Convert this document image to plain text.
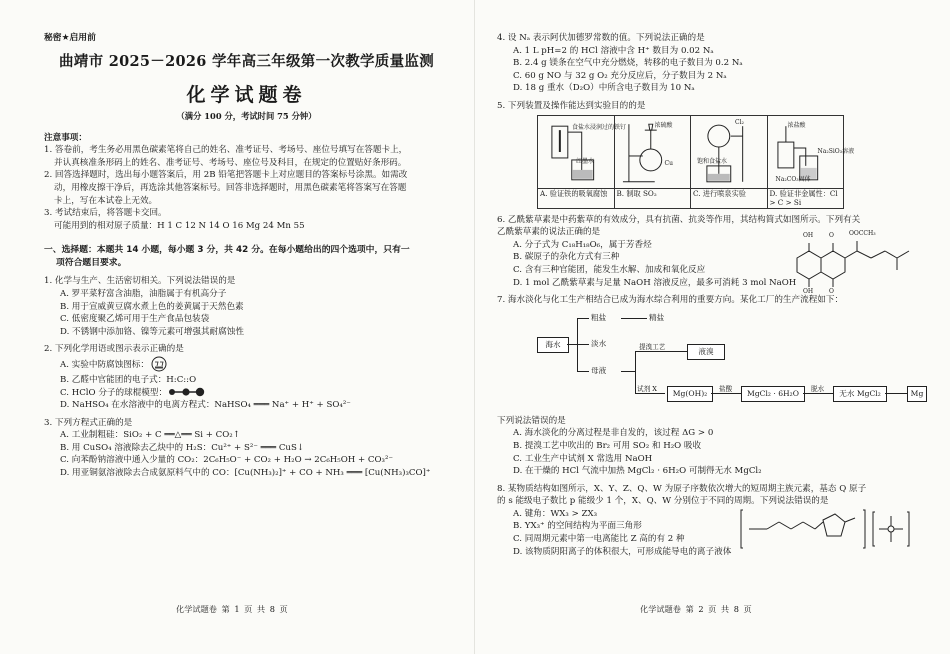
秘密★启用前

曲靖市 2025－2026 学年高三年级第一次教学质量监测

化学试题卷

（满分 100 分，考试时间 75 分钟）

注意事项：

1. 答卷前，考生务必用黑色碳素笔将自己的姓名、准考证号、考场号、座位号填写在答题卡上，

并认真核准条形码上的姓名、准考证号、考场号、座位号及科目，在规定的位置贴好条形码。

2. 回答选择题时，选出每小题答案后，用 2B 铅笔把答题卡上对应题目的答案标号涂黑。如需改

动，用橡皮擦干净后，再选涂其他答案标号。回答非选择题时，用黑色碳素笔将答案写在答题

卡上，写在本试卷上无效。

3. 考试结束后，将答题卡交回。

可能用到的相对原子质量：H 1 C 12 N 14 O 16 Mg 24 Mn 55

一、选择题：本题共 14 小题，每小题 3 分，共 42 分。在每小题给出的四个选项中，只有一

项符合题目要求。

1. 化学与生产、生活密切相关。下列说法错误的是

A. 罗平菜籽富含油脂，油脂属于有机高分子

B. 用于宣威黄豆腐水煮上色的姜黄属于天然色素

C. 低密度聚乙烯可用于生产食品包装袋

D. 不锈钢中添加铬、镍等元素可增强其耐腐蚀性

2. 下列化学用语或图示表示正确的是

A. 实验中防腐蚀图标：

B. 乙醛中官能团的电子式：H:C::O

C. HClO 分子的球棍模型：

D. NaHSO₄ 在水溶液中的电离方程式：NaHSO₄ ═══ Na⁺ + H⁺ + SO₄²⁻

3. 下列方程式正确的是

A. 工业制粗硅：SiO₂ + C ══△══ Si + CO₂↑

B. 用 CuSO₄ 溶液除去乙炔中的 H₂S：Cu²⁺ + S²⁻ ═══ CuS↓

C. 向苯酚钠溶液中通入少量的 CO₂：2C₆H₅O⁻ + CO₂ + H₂O → 2C₆H₅OH + CO₃²⁻

D. 用亚铜氨溶液除去合成氨原料气中的 CO：[Cu(NH₃)₂]⁺ + CO + NH₃ ═══ [Cu(NH₃)₃CO]⁺

化学试题卷 第 1 页 共 8 页

4. 设 Nₐ 表示阿伏加德罗常数的值。下列说法正确的是

A. 1 L pH=2 的 HCl 溶液中含 H⁺ 数目为 0.02 Nₐ

B. 2.4 g 镁条在空气中充分燃烧，转移的电子数目为 0.2 Nₐ

C. 60 g NO 与 32 g O₂ 充分反应后，分子数目为 2 Nₐ

D. 18 g 重水（D₂O）中所含电子数目为 10 Nₐ

5. 下列装置及操作能达到实验目的的是

食盐水浸润过的铁钉
红墨水
A. 验证铁的吸氧腐蚀
浓硫酸
Cu
B. 制取 SO₂
Cl₂
饱和食盐水
C. 进行喷泉实验
浓盐酸
Na₂SiO₃溶液
Na₂CO₃固体
D. 验证非金属性：Cl > C > Si

6. 乙酰紫草素是中药紫草的有效成分，具有抗菌、抗炎等作用，其结构简式如图所示。下列有关

乙酰紫草素的说法正确的是

A. 分子式为 C₁₈H₁₈O₆，属于芳香烃

B. 碳原子的杂化方式有三种

C. 含有三种官能团，能发生水解、加成和氧化反应

D. 1 mol 乙酰紫草素与足量 NaOH 溶液反应，最多可消耗 3 mol NaOH

OH
OH
O
O
OOCCH₃

7. 海水淡化与化工生产相结合已成为海水综合利用的重要方向。某化工厂的生产流程如下：

海水
粗盐	精盐
淡水
母液
提溴工艺	液溴
试剂 X	Mg(OH)₂	盐酸	MgCl₂ · 6H₂O	脱水	无水 MgCl₂	Mg

下列说法错误的是

A. 海水淡化的分离过程是非自发的，该过程 ΔG > 0

B. 提溴工艺中吹出的 Br₂ 可用 SO₂ 和 H₂O 吸收

C. 工业生产中试剂 X 常选用 NaOH

D. 在干燥的 HCl 气流中加热 MgCl₂ · 6H₂O 可制得无水 MgCl₂

8. 某物质结构如图所示，X、Y、Z、Q、W 为原子序数依次增大的短周期主族元素，基态 Q 原子

的 s 能级电子数比 p 能级少 1 个，X、Q、W 分别位于不同的周期。下列说法错误的是

A. 键角：WX₃ > ZX₃

B. YX₃⁺ 的空间结构为平面三角形

C. 同周期元素中第一电离能比 Z 高的有 2 种

D. 该物质阴阳离子的体积很大，可形成能导电的离子液体

化学试题卷 第 2 页 共 8 页
